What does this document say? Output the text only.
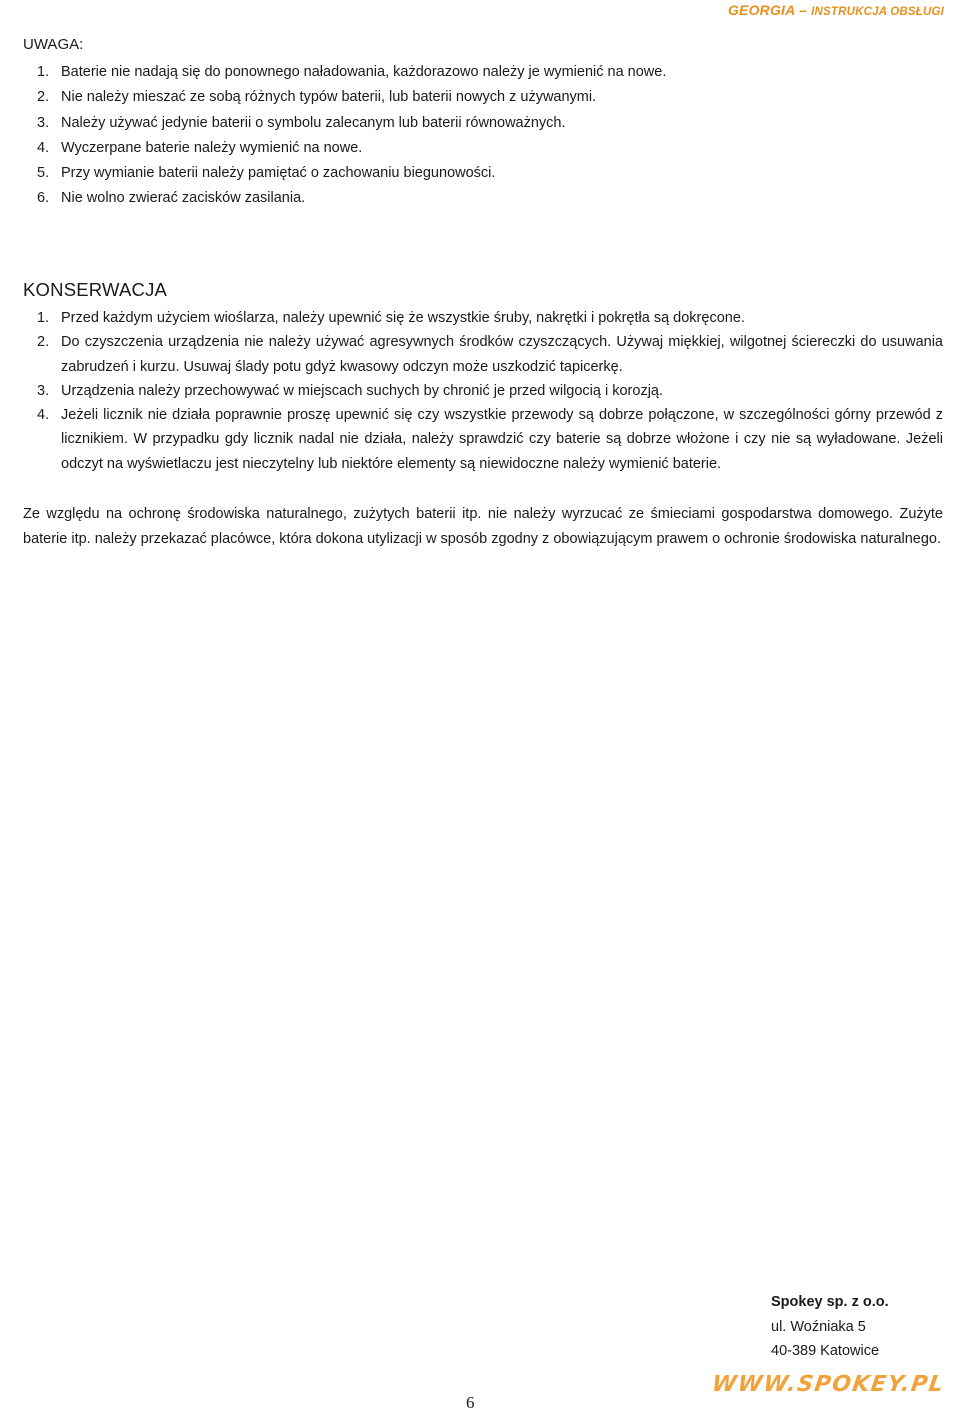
GEORGIA – INSTRUKCJA OBSŁUGI
UWAGA:
1. Baterie nie nadają się do ponownego naładowania, każdorazowo należy je wymienić na nowe.
2. Nie należy mieszać ze sobą różnych typów baterii, lub baterii nowych z używanymi.
3. Należy używać jedynie baterii o symbolu zalecanym lub baterii równoważnych.
4. Wyczerpane baterie należy wymienić na nowe.
5. Przy wymianie baterii należy pamiętać o zachowaniu biegunowości.
6. Nie wolno zwierać zacisków zasilania.
KONSERWACJA
1. Przed każdym użyciem wioślarza, należy upewnić się że wszystkie śruby, nakrętki i pokrętła są dokręcone.
2. Do czyszczenia urządzenia nie należy używać agresywnych środków czyszczących. Używaj miękkiej, wilgotnej ściereczki do usuwania zabrudzeń i kurzu. Usuwaj ślady potu gdyż kwasowy odczyn może uszkodzić tapicerkę.
3. Urządzenia należy przechowywać w miejscach suchych by chronić je przed wilgocią i korozją.
4. Jeżeli licznik nie działa poprawnie proszę upewnić się czy wszystkie przewody są dobrze połączone, w szczególności górny przewód z licznikiem. W przypadku gdy licznik nadal nie działa, należy sprawdzić czy baterie są dobrze włożone i czy nie są wyładowane. Jeżeli odczyt na wyświetlaczu jest nieczytelny lub niektóre elementy są niewidoczne należy wymienić baterie.

Ze względu na ochronę środowiska naturalnego, zużytych baterii itp. nie należy wyrzucać ze śmieciami gospodarstwa domowego. Zużyte baterie itp. należy przekazać placówce, która dokona utylizacji w sposób zgodny z obowiązującym prawem o ochronie środowiska naturalnego.

Spokey sp. z o.o.
ul. Woźniaka 5
40-389 Katowice
WWW.SPOKEY.PL
6
